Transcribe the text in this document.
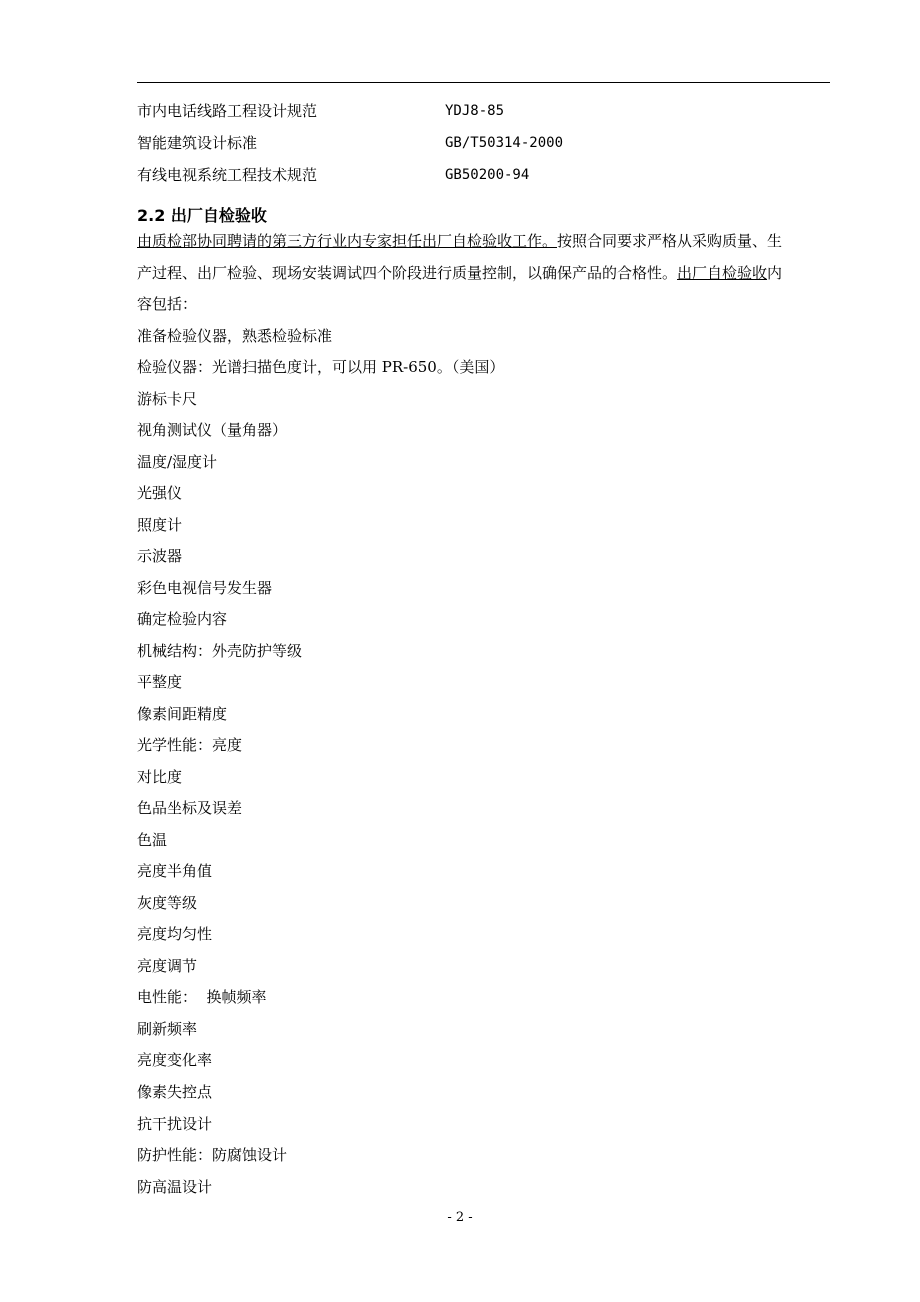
市内电话线路工程设计规范	YDJ8-85
智能建筑设计标准	GB/T50314-2000
有线电视系统工程技术规范	GB50200-94
2.2 出厂自检验收
由质检部协同聘请的第三方行业内专家担任出厂自检验收工作。按照合同要求严格从采购质量、生
产过程、出厂检验、现场安装调试四个阶段进行质量控制，以确保产品的合格性。出厂自检验收内
容包括：
准备检验仪器，熟悉检验标准
检验仪器：光谱扫描色度计，可以用 PR-650。（美国）
游标卡尺
视角测试仪（量角器）
温度/湿度计
光强仪
照度计
示波器
彩色电视信号发生器
确定检验内容
机械结构：外壳防护等级
平整度
像素间距精度
光学性能：亮度
对比度
色品坐标及误差
色温
亮度半角值
灰度等级
亮度均匀性
亮度调节
电性能：  换帧频率
刷新频率
亮度变化率
像素失控点
抗干扰设计
防护性能：防腐蚀设计
防高温设计
- 2 -
